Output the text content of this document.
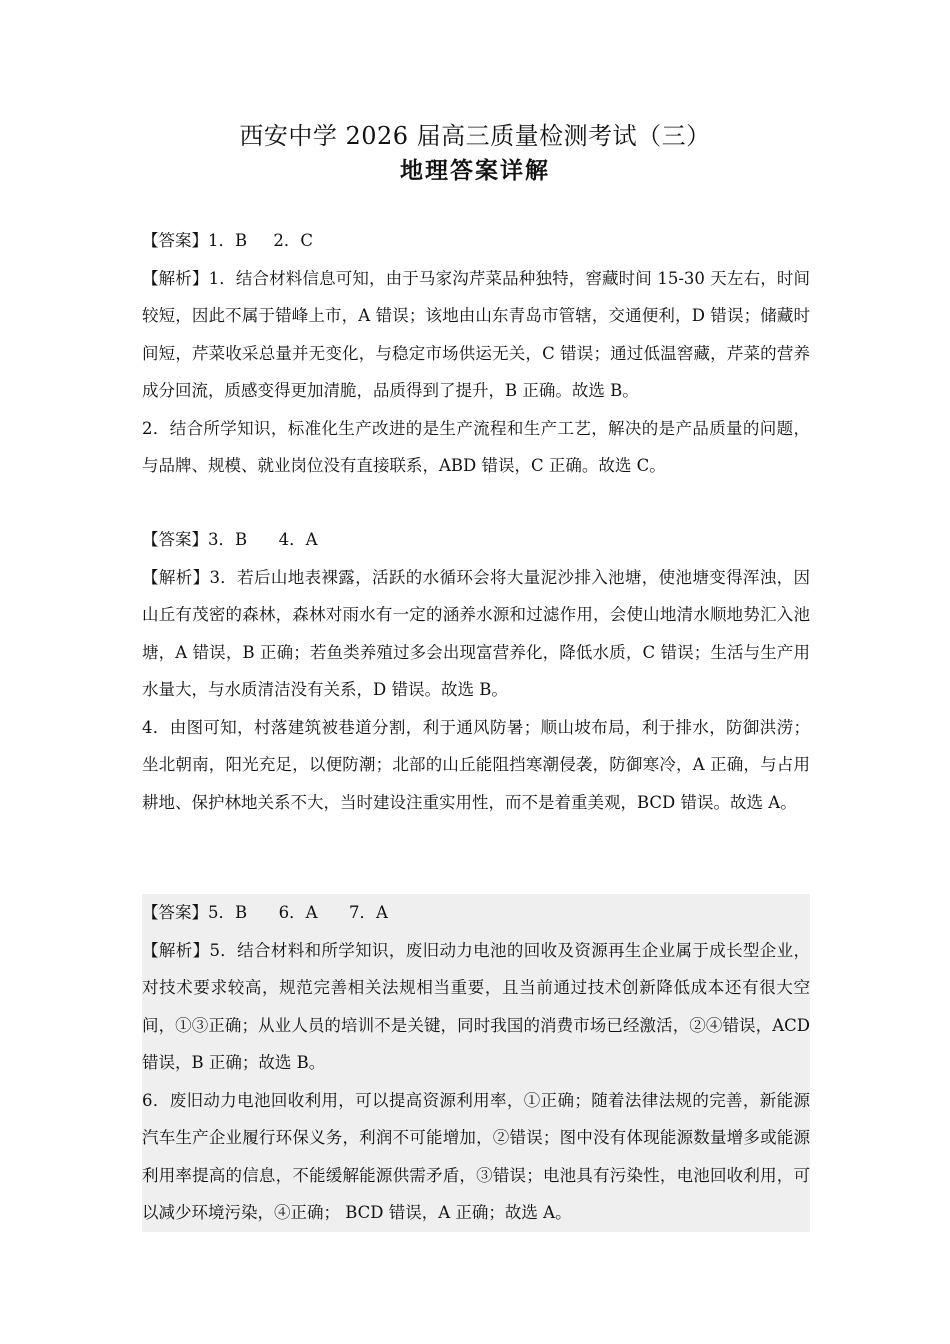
西安中学 2026 届高三质量检测考试（三）
地理答案详解

【答案】1．B     2．C

【解析】1．结合材料信息可知，由于马家沟芹菜品种独特，窖藏时间 15-30 天左右，时间较短，因此不属于错峰上市，A 错误；该地由山东青岛市管辖，交通便利，D 错误；储藏时间短，芹菜收采总量并无变化，与稳定市场供运无关，C 错误；通过低温窖藏，芹菜的营养成分回流，质感变得更加清脆，品质得到了提升，B 正确。故选 B。

2．结合所学知识，标准化生产改进的是生产流程和生产工艺，解决的是产品质量的问题，与品牌、规模、就业岗位没有直接联系，ABD 错误，C 正确。故选 C。

【答案】3．B      4．A

【解析】3．若后山地表裸露，活跃的水循环会将大量泥沙排入池塘，使池塘变得浑浊，因山丘有茂密的森林，森林对雨水有一定的涵养水源和过滤作用，会使山地清水顺地势汇入池塘，A 错误，B 正确；若鱼类养殖过多会出现富营养化，降低水质，C 错误；生活与生产用水量大，与水质清洁没有关系，D 错误。故选 B。

4．由图可知，村落建筑被巷道分割，利于通风防暑；顺山坡布局，利于排水，防御洪涝；坐北朝南，阳光充足，以便防潮；北部的山丘能阻挡寒潮侵袭，防御寒冷，A 正确，与占用耕地、保护林地关系不大，当时建设注重实用性，而不是着重美观，BCD 错误。故选 A。

【答案】5．B      6．A      7．A

【解析】5．结合材料和所学知识，废旧动力电池的回收及资源再生企业属于成长型企业，对技术要求较高，规范完善相关法规相当重要，且当前通过技术创新降低成本还有很大空间，①③正确；从业人员的培训不是关键，同时我国的消费市场已经激活，②④错误，ACD 错误，B 正确；故选 B。

6．废旧动力电池回收利用，可以提高资源利用率，①正确；随着法律法规的完善，新能源汽车生产企业履行环保义务，利润不可能增加，②错误；图中没有体现能源数量增多或能源利用率提高的信息，不能缓解能源供需矛盾，③错误；电池具有污染性，电池回收利用，可以减少环境污染，④正确； BCD 错误，A 正确；故选 A。
